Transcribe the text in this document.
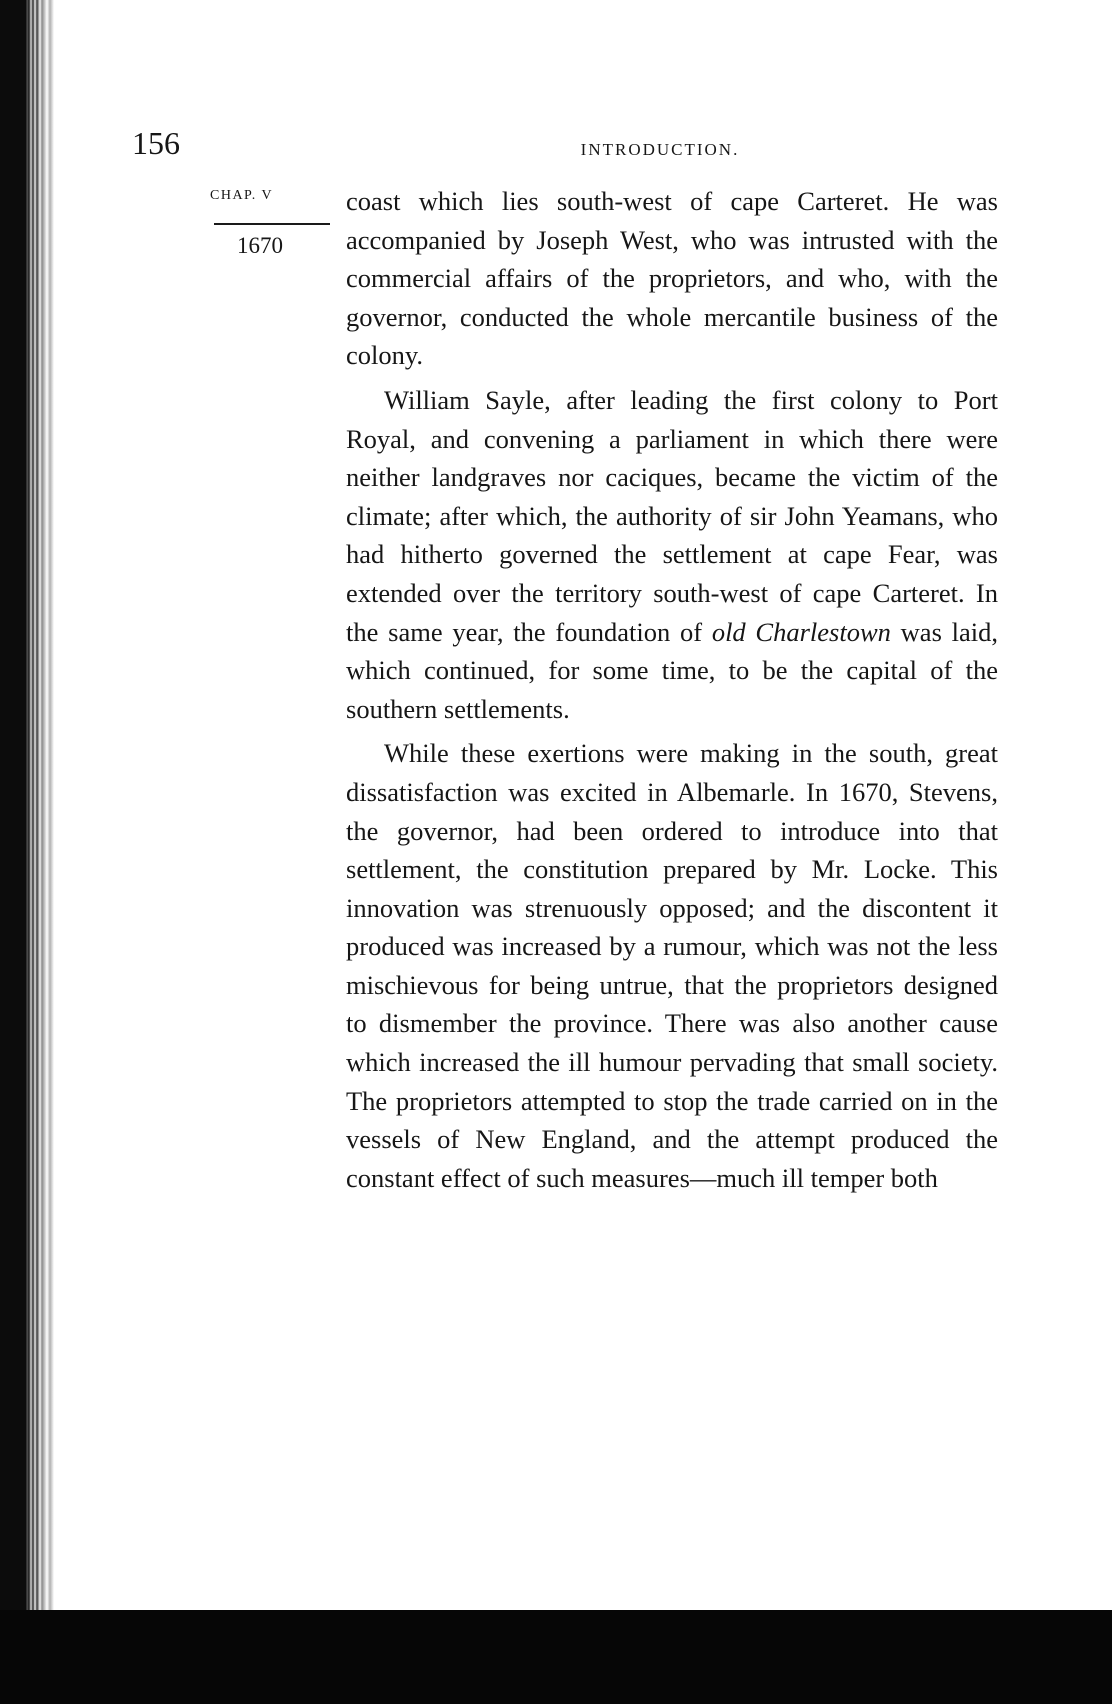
156	INTRODUCTION.
CHAP. V
1670

coast which lies south-west of cape Carteret. He was accompanied by Joseph West, who was intrusted with the commercial affairs of the proprietors, and who, with the governor, conducted the whole mercantile business of the colony.

William Sayle, after leading the first colony to Port Royal, and convening a parliament in which there were neither landgraves nor caciques, became the victim of the climate; after which, the authority of sir John Yeamans, who had hitherto governed the settlement at cape Fear, was extended over the territory south-west of cape Carteret. In the same year, the foundation of old Charlestown was laid, which continued, for some time, to be the capital of the southern settlements.

While these exertions were making in the south, great dissatisfaction was excited in Albemarle. In 1670, Stevens, the governor, had been ordered to introduce into that settlement, the constitution prepared by Mr. Locke. This innovation was strenuously opposed; and the discontent it produced was increased by a rumour, which was not the less mischievous for being untrue, that the proprietors designed to dismember the province. There was also another cause which increased the ill humour pervading that small society. The proprietors attempted to stop the trade carried on in the vessels of New England, and the attempt produced the constant effect of such measures—much ill temper both
